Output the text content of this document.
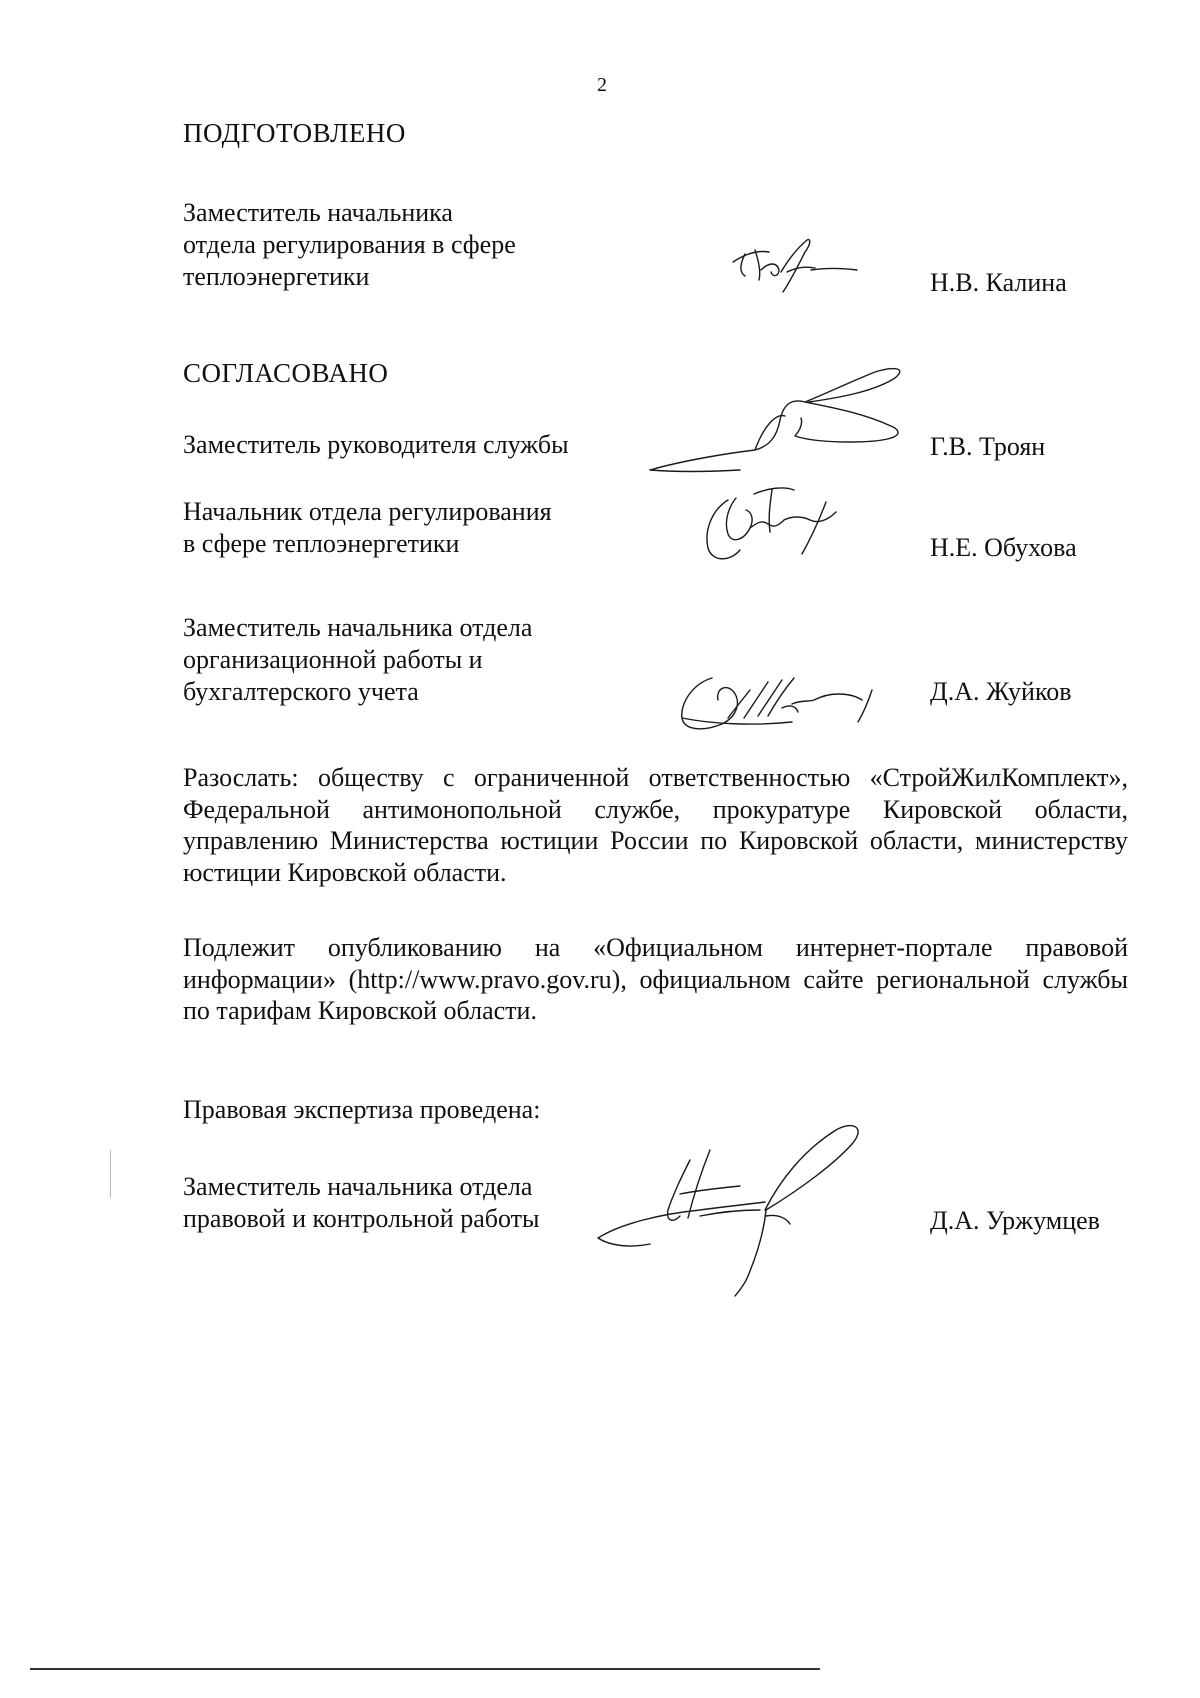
2
ПОДГОТОВЛЕНО
Заместитель начальника
отдела регулирования в сфере
теплоэнергетики	Н.В. Калина
СОГЛАСОВАНО
Заместитель руководителя службы	Г.В. Троян
Начальник отдела регулирования
в сфере теплоэнергетики	Н.Е. Обухова
Заместитель начальника отдела
организационной работы и
бухгалтерского учета	Д.А. Жуйков
Разослать: обществу с ограниченной ответственностью «СтройЖилКомплект», Федеральной антимонопольной службе, прокуратуре Кировской области, управлению Министерства юстиции России по Кировской области, министерству юстиции Кировской области.
Подлежит опубликованию на «Официальном интернет-портале правовой информации» (http://www.pravo.gov.ru), официальном сайте региональной службы по тарифам Кировской области.
Правовая экспертиза проведена:
Заместитель начальника отдела
правовой и контрольной работы	Д.А. Уржумцев
